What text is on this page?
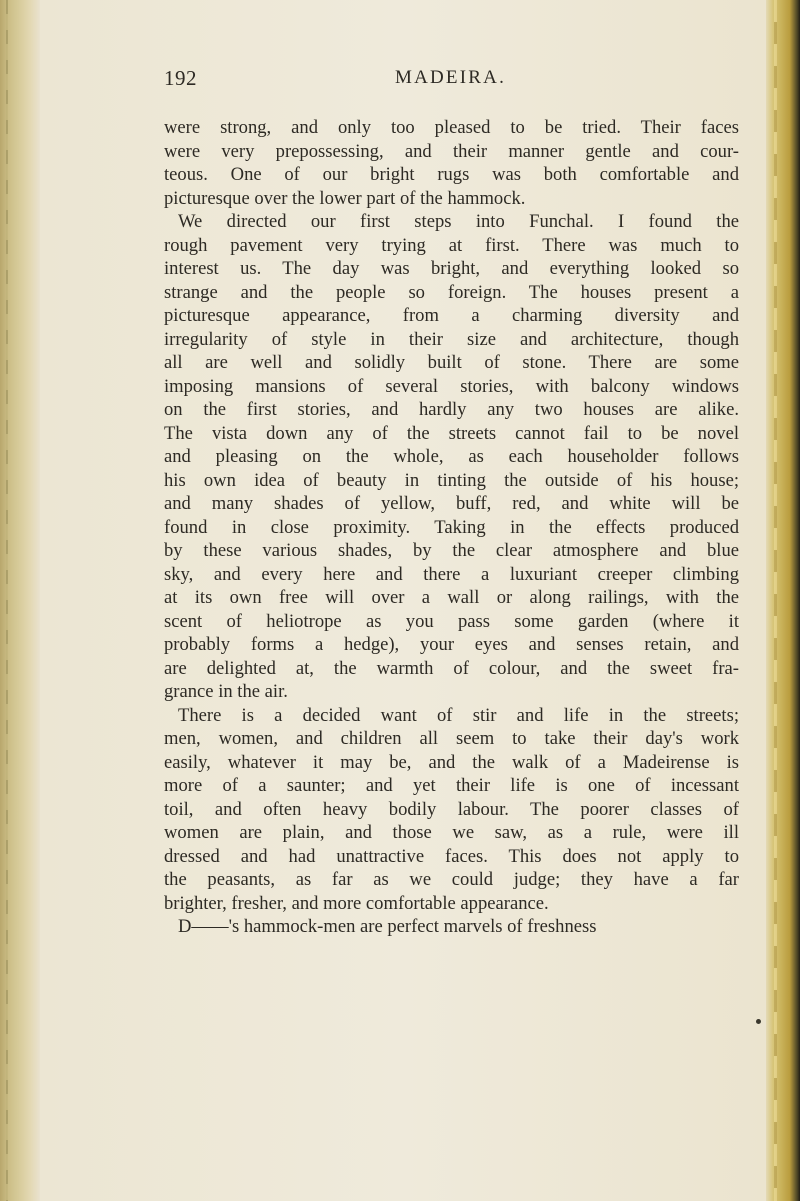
192	MADEIRA.
were strong, and only too pleased to be tried. Their faces
were very prepossessing, and their manner gentle and cour-
teous. One of our bright rugs was both comfortable and
picturesque over the lower part of the hammock.
We directed our first steps into Funchal. I found the
rough pavement very trying at first. There was much to
interest us. The day was bright, and everything looked so
strange and the people so foreign. The houses present a
picturesque appearance, from a charming diversity and
irregularity of style in their size and architecture, though
all are well and solidly built of stone. There are some
imposing mansions of several stories, with balcony windows
on the first stories, and hardly any two houses are alike.
The vista down any of the streets cannot fail to be novel
and pleasing on the whole, as each householder follows
his own idea of beauty in tinting the outside of his house;
and many shades of yellow, buff, red, and white will be
found in close proximity. Taking in the effects produced
by these various shades, by the clear atmosphere and blue
sky, and every here and there a luxuriant creeper climbing
at its own free will over a wall or along railings, with the
scent of heliotrope as you pass some garden (where it
probably forms a hedge), your eyes and senses retain, and
are delighted at, the warmth of colour, and the sweet fra-
grance in the air.
There is a decided want of stir and life in the streets;
men, women, and children all seem to take their day's work
easily, whatever it may be, and the walk of a Madeirense is
more of a saunter; and yet their life is one of incessant
toil, and often heavy bodily labour. The poorer classes of
women are plain, and those we saw, as a rule, were ill
dressed and had unattractive faces. This does not apply to
the peasants, as far as we could judge; they have a far
brighter, fresher, and more comfortable appearance.
D——'s hammock-men are perfect marvels of freshness
